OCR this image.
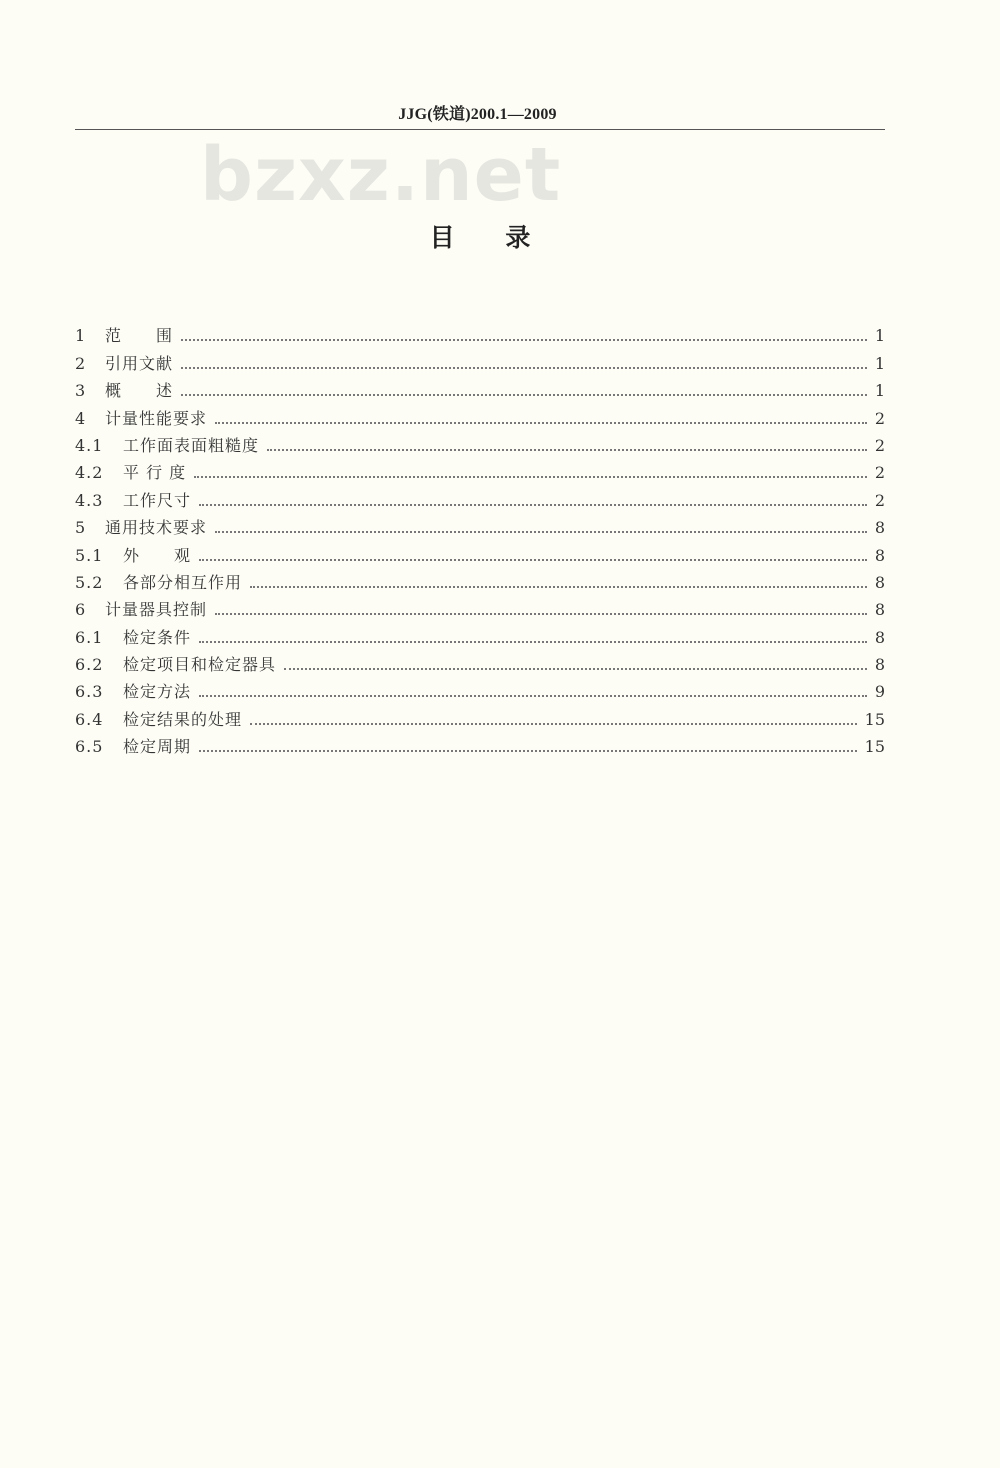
JJG(铁道)200.1—2009
bzxz.net
目 录
1	范　　围	1
2	引用文献	1
3	概　　述	1
4	计量性能要求	2
4.1	工作面表面粗糙度	2
4.2	平 行 度	2
4.3	工作尺寸	2
5	通用技术要求	8
5.1	外　　观	8
5.2	各部分相互作用	8
6	计量器具控制	8
6.1	检定条件	8
6.2	检定项目和检定器具	8
6.3	检定方法	9
6.4	检定结果的处理	15
6.5	检定周期	15
